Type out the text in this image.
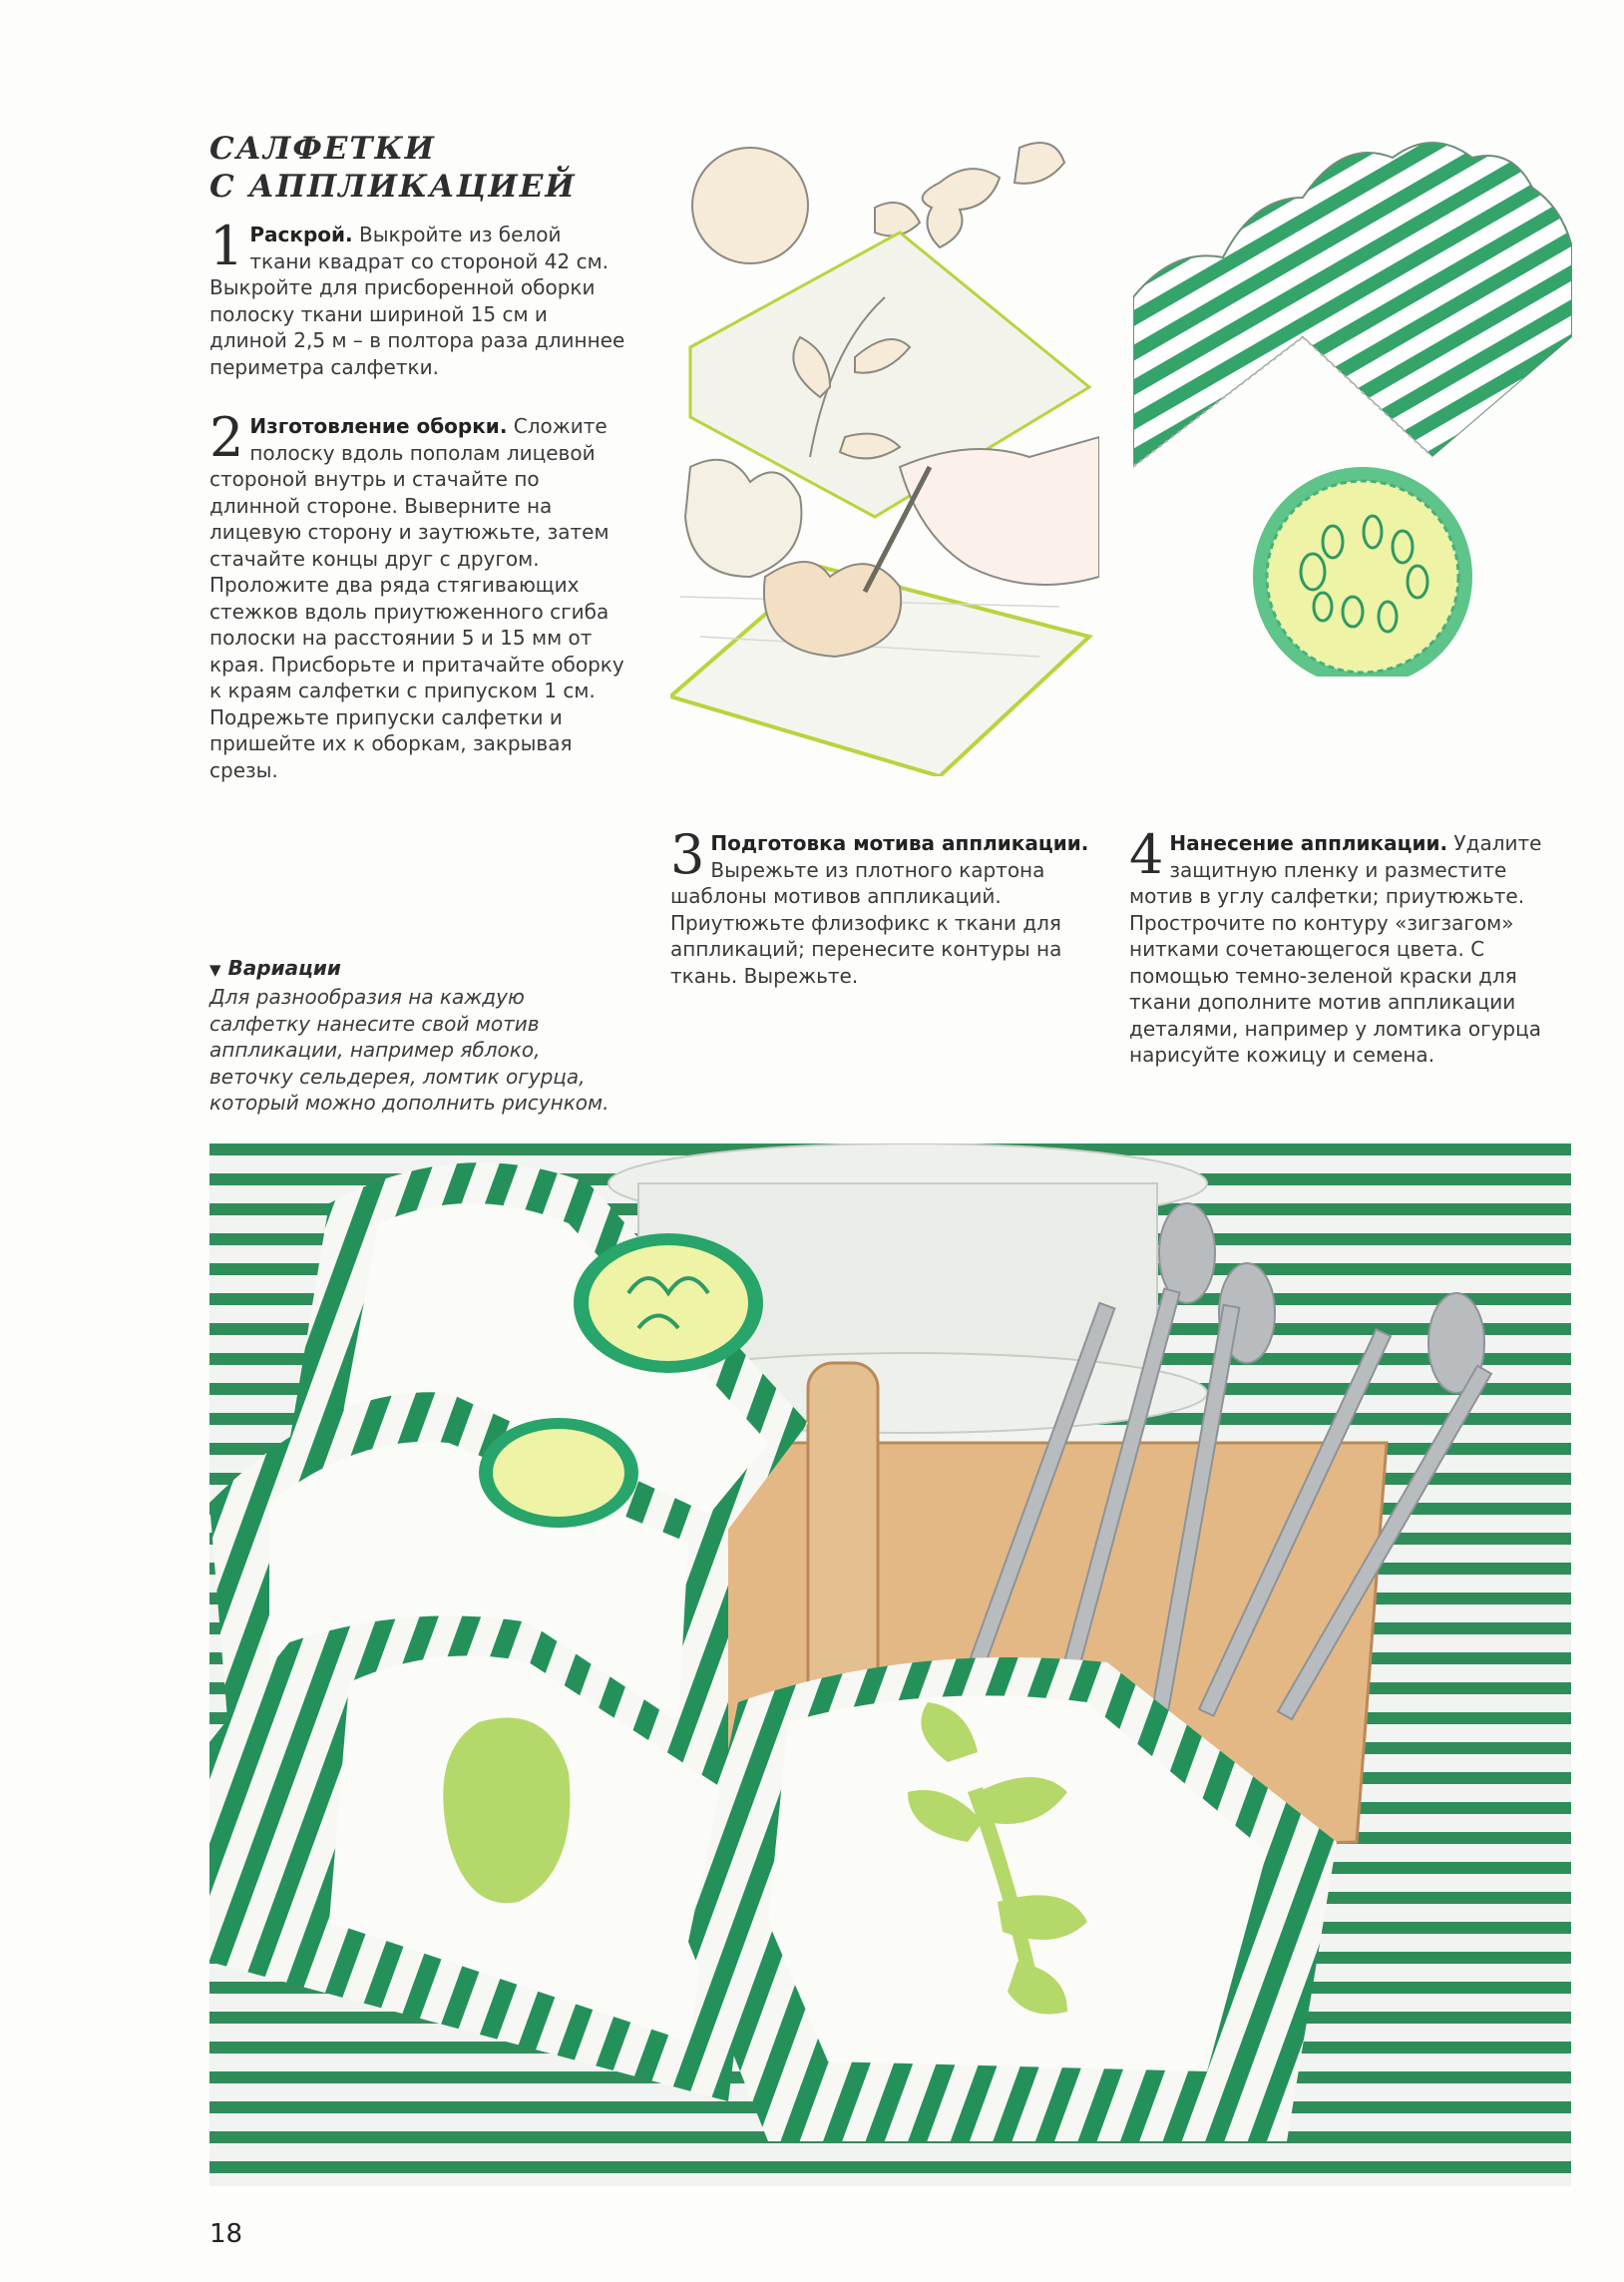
САЛФЕТКИ
С АППЛИКАЦИЕЙ
1 Раскрой. Выкройте из белой ткани квадрат со стороной 42 см. Выкройте для присборенной оборки полоску ткани шириной 15 см и длиной 2,5 м – в полтора раза длиннее периметра салфетки.
2 Изготовление оборки. Сложите полоску вдоль пополам лицевой стороной внутрь и стачайте по длинной стороне. Выверните на лицевую сторону и заутюжьте, затем стачайте концы друг с другом. Проложите два ряда стягивающих стежков вдоль приутюженного сгиба полоски на расстоянии 5 и 15 мм от края. Присборьте и притачайте оборку к краям салфетки с припуском 1 см. Подрежьте припуски салфетки и пришейте их к оборкам, закрывая срезы.
▼ Вариации
Для разнообразия на каждую салфетку нанесите свой мотив аппликации, например яблоко, веточку сельдерея, ломтик огурца, который можно дополнить рисунком.
3 Подготовка мотива аппликации. Вырежьте из плотного картона шаблоны мотивов аппликаций. Приутюжьте флизофикс к ткани для аппликаций; перенесите контуры на ткань. Вырежьте.
4 Нанесение аппликации. Удалите защитную пленку и разместите мотив в углу салфетки; приутюжьте. Прострочите по контуру «зигзагом» нитками сочетающегося цвета. С помощью темно-зеленой краски для ткани дополните мотив аппликации деталями, например у ломтика огурца нарисуйте кожицу и семена.
18
